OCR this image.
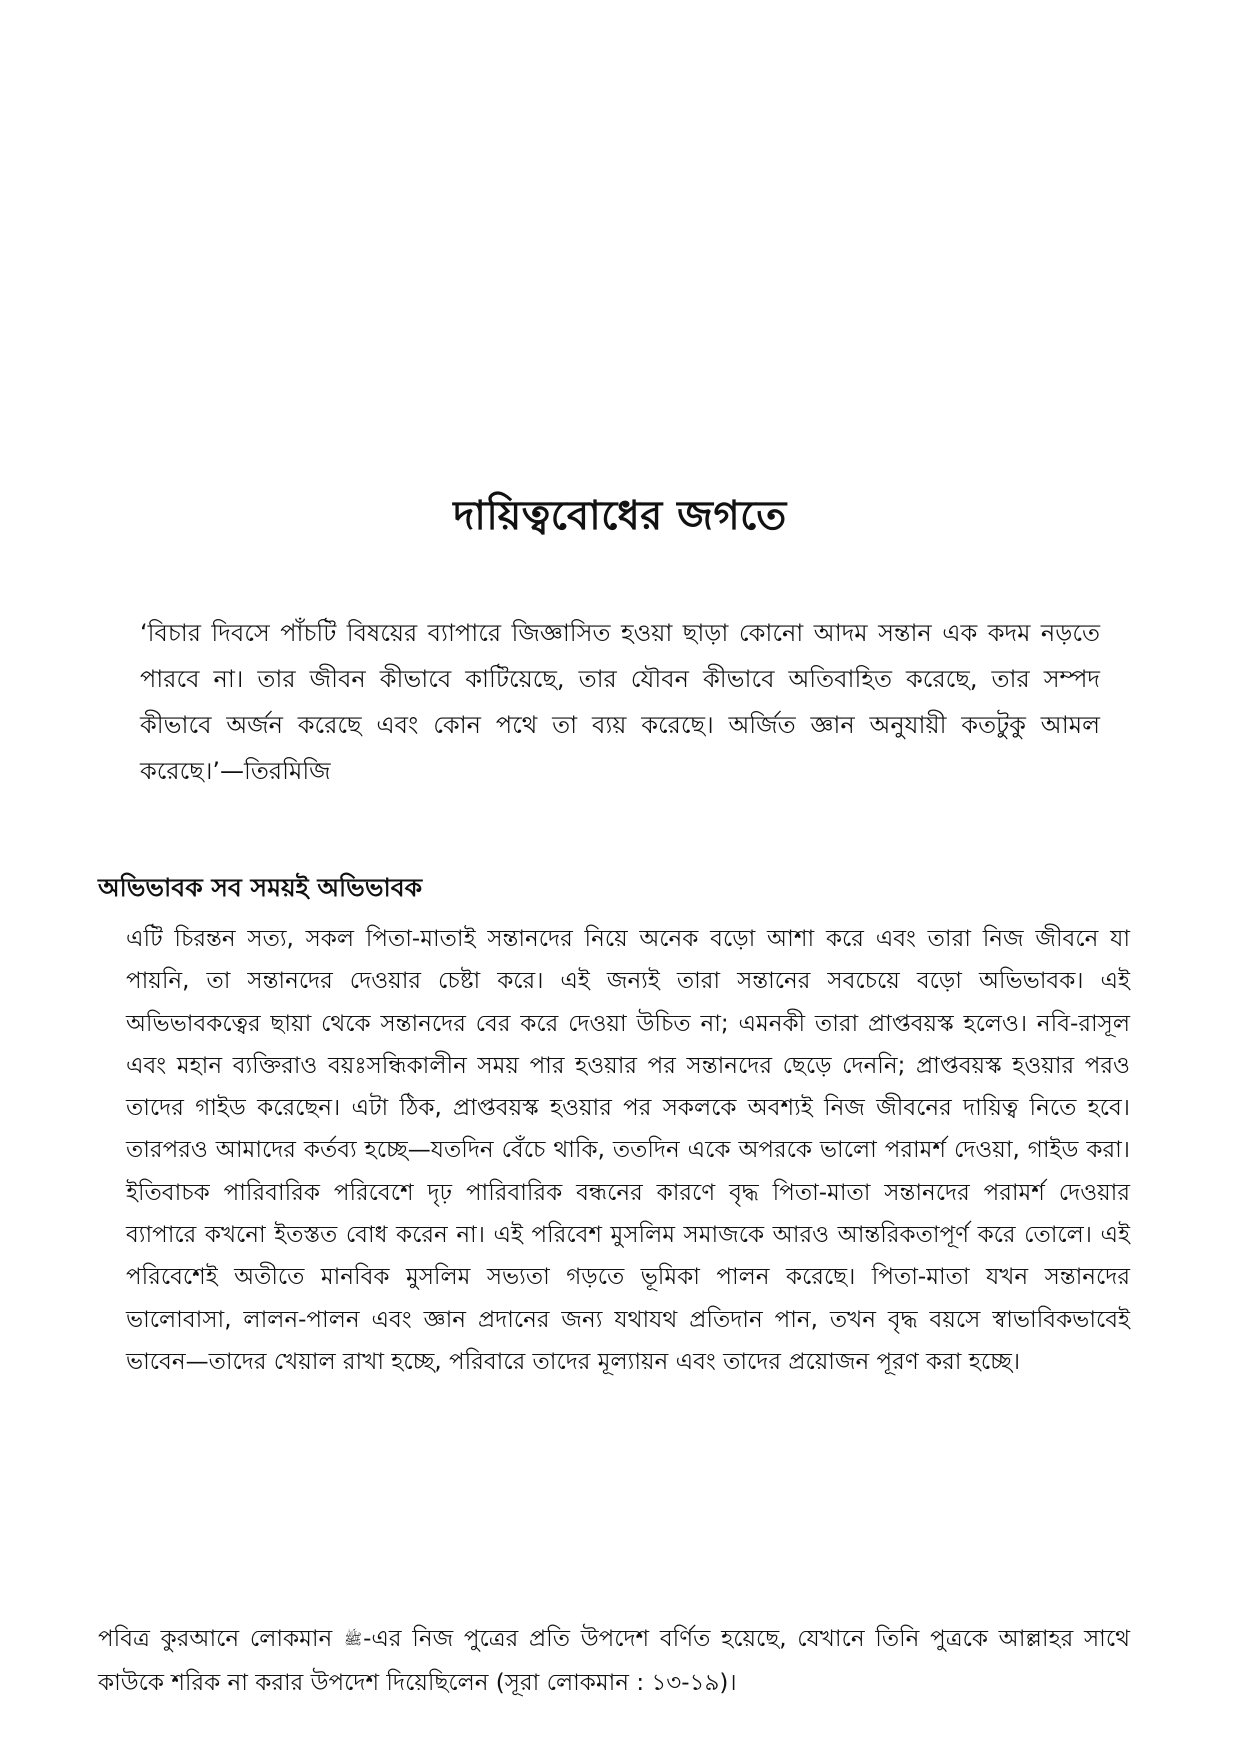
দায়িত্ববোধের জগতে
‘বিচার দিবসে পাঁচটি বিষয়ের ব্যাপারে জিজ্ঞাসিত হওয়া ছাড়া কোনো আদম সন্তান এক কদম নড়তে পারবে না। তার জীবন কীভাবে কাটিয়েছে, তার যৌবন কীভাবে অতিবাহিত করেছে, তার সম্পদ কীভাবে অর্জন করেছে এবং কোন পথে তা ব্যয় করেছে। অর্জিত জ্ঞান অনুযায়ী কতটুকু আমল করেছে।’—তিরমিজি
অভিভাবক সব সময়ই অভিভাবক
এটি চিরন্তন সত্য, সকল পিতা-মাতাই সন্তানদের নিয়ে অনেক বড়ো আশা করে এবং তারা নিজ জীবনে যা পায়নি, তা সন্তানদের দেওয়ার চেষ্টা করে। এই জন্যই তারা সন্তানের সবচেয়ে বড়ো অভিভাবক। এই অভিভাবকত্বের ছায়া থেকে সন্তানদের বের করে দেওয়া উচিত না; এমনকী তারা প্রাপ্তবয়স্ক হলেও। নবি-রাসূল এবং মহান ব্যক্তিরাও বয়ঃসন্ধিকালীন সময় পার হওয়ার পর সন্তানদের ছেড়ে দেননি; প্রাপ্তবয়স্ক হওয়ার পরও তাদের গাইড করেছেন। এটা ঠিক, প্রাপ্তবয়স্ক হওয়ার পর সকলকে অবশ্যই নিজ জীবনের দায়িত্ব নিতে হবে। তারপরও আমাদের কর্তব্য হচ্ছে—যতদিন বেঁচে থাকি, ততদিন একে অপরকে ভালো পরামর্শ দেওয়া, গাইড করা। ইতিবাচক পারিবারিক পরিবেশে দৃঢ় পারিবারিক বন্ধনের কারণে বৃদ্ধ পিতা-মাতা সন্তানদের পরামর্শ দেওয়ার ব্যাপারে কখনো ইতস্তত বোধ করেন না। এই পরিবেশ মুসলিম সমাজকে আরও আন্তরিকতাপূর্ণ করে তোলে। এই পরিবেশেই অতীতে মানবিক মুসলিম সভ্যতা গড়তে ভূমিকা পালন করেছে। পিতা-মাতা যখন সন্তানদের ভালোবাসা, লালন-পালন এবং জ্ঞান প্রদানের জন্য যথাযথ প্রতিদান পান, তখন বৃদ্ধ বয়সে স্বাভাবিকভাবেই ভাবেন—তাদের খেয়াল রাখা হচ্ছে, পরিবারে তাদের মূল্যায়ন এবং তাদের প্রয়োজন পূরণ করা হচ্ছে।
পবিত্র কুরআনে লোকমান ﷺ-এর নিজ পুত্রের প্রতি উপদেশ বর্ণিত হয়েছে, যেখানে তিনি পুত্রকে আল্লাহর সাথে কাউকে শরিক না করার উপদেশ দিয়েছিলেন (সূরা লোকমান : ১৩-১৯)।
